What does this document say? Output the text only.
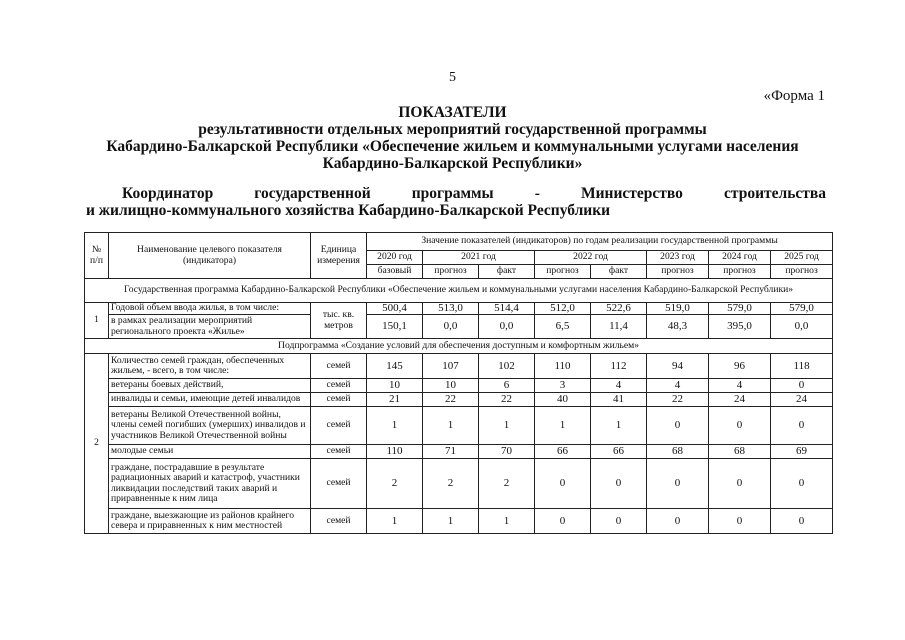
5
«Форма 1
ПОКАЗАТЕЛИ
результативности отдельных мероприятий государственной программы
Кабардино-Балкарской Республики «Обеспечение жильем и коммунальными услугами населения
Кабардино-Балкарской Республики»
Координатор	государственной	программы	-	Министерство	строительства
и жилищно-коммунального хозяйства Кабардино-Балкарской Республики
№ п/п	Наименование целевого показателя (индикатора)	Единица измерения	Значение показателей (индикаторов) по годам реализации государственной программы							
			2020 год	2021 год		2022 год		2023 год	2024 год	2025 год
			базовый	прогноз	факт	прогноз	факт	прогноз	прогноз	прогноз
Государственная программа Кабардино-Балкарской Республики «Обеспечение жильем и коммунальными услугами населения Кабардино-Балкарской Республики»										
1	Годовой объем ввода жилья, в том числе:	тыс. кв. метров	500,4	513,0	514,4	512,0	522,6	519,0	579,0	579,0
	в рамках реализации мероприятий регионального проекта «Жилье»		150,1	0,0	0,0	6,5	11,4	48,3	395,0	0,0
Подпрограмма «Создание условий для обеспечения доступным и комфортным жильем»										
2	Количество семей граждан, обеспеченных жильем, - всего, в том числе:	семей	145	107	102	110	112	94	96	118
	ветераны боевых действий,	семей	10	10	6	3	4	4	4	0
	инвалиды и семьи, имеющие детей инвалидов	семей	21	22	22	40	41	22	24	24
	ветераны Великой Отечественной войны, члены семей погибших (умерших) инвалидов и участников Великой Отечественной войны	семей	1	1	1	1	1	0	0	0
	молодые семьи	семей	110	71	70	66	66	68	68	69
	граждане, пострадавшие в результате радиационных аварий и катастроф, участники ликвидации последствий таких аварий и приравненные к ним лица	семей	2	2	2	0	0	0	0	0
	граждане, выезжающие из районов крайнего севера и приравненных к ним местностей	семей	1	1	1	0	0	0	0	0
